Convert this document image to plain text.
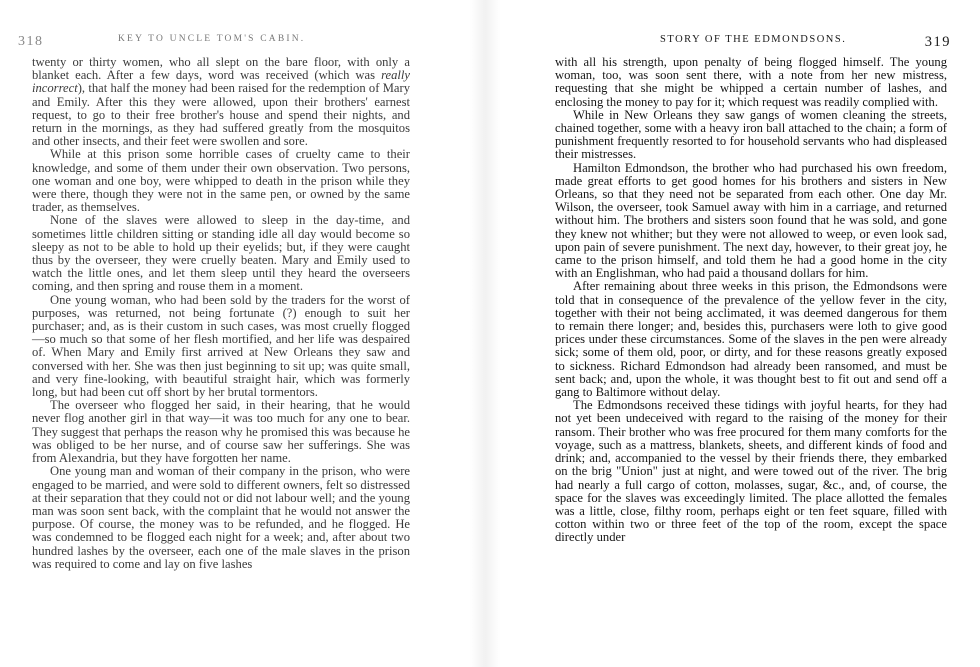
318	KEY TO UNCLE TOM'S CABIN.

twenty or thirty women, who all slept on the bare floor, with only a blanket each. After a few days, word was received (which was really incorrect), that half the money had been raised for the redemption of Mary and Emily. After this they were allowed, upon their brothers' earnest request, to go to their free brother's house and spend their nights, and return in the mornings, as they had suffered greatly from the mosquitos and other insects, and their feet were swollen and sore.

While at this prison some horrible cases of cruelty came to their knowledge, and some of them under their own observation. Two persons, one woman and one boy, were whipped to death in the prison while they were there, though they were not in the same pen, or owned by the same trader, as themselves.

None of the slaves were allowed to sleep in the day-time, and sometimes little children sitting or standing idle all day would become so sleepy as not to be able to hold up their eyelids; but, if they were caught thus by the overseer, they were cruelly beaten. Mary and Emily used to watch the little ones, and let them sleep until they heard the overseers coming, and then spring and rouse them in a moment.

One young woman, who had been sold by the traders for the worst of purposes, was returned, not being fortunate (?) enough to suit her purchaser; and, as is their custom in such cases, was most cruelly flogged—so much so that some of her flesh mortified, and her life was despaired of. When Mary and Emily first arrived at New Orleans they saw and conversed with her. She was then just beginning to sit up; was quite small, and very fine-looking, with beautiful straight hair, which was formerly long, but had been cut off short by her brutal tormentors.

The overseer who flogged her said, in their hearing, that he would never flog another girl in that way—it was too much for any one to bear. They suggest that perhaps the reason why he promised this was because he was obliged to be her nurse, and of course saw her sufferings. She was from Alexandria, but they have forgotten her name.

One young man and woman of their company in the prison, who were engaged to be married, and were sold to different owners, felt so distressed at their separation that they could not or did not labour well; and the young man was soon sent back, with the complaint that he would not answer the purpose. Of course, the money was to be refunded, and he flogged. He was condemned to be flogged each night for a week; and, after about two hundred lashes by the overseer, each one of the male slaves in the prison was required to come and lay on five lashes

STORY OF THE EDMONDSONS.	319

with all his strength, upon penalty of being flogged himself. The young woman, too, was soon sent there, with a note from her new mistress, requesting that she might be whipped a certain number of lashes, and enclosing the money to pay for it; which request was readily complied with.

While in New Orleans they saw gangs of women cleaning the streets, chained together, some with a heavy iron ball attached to the chain; a form of punishment frequently resorted to for household servants who had displeased their mistresses.

Hamilton Edmondson, the brother who had purchased his own freedom, made great efforts to get good homes for his brothers and sisters in New Orleans, so that they need not be separated from each other. One day Mr. Wilson, the overseer, took Samuel away with him in a carriage, and returned without him. The brothers and sisters soon found that he was sold, and gone they knew not whither; but they were not allowed to weep, or even look sad, upon pain of severe punishment. The next day, however, to their great joy, he came to the prison himself, and told them he had a good home in the city with an Englishman, who had paid a thousand dollars for him.

After remaining about three weeks in this prison, the Edmondsons were told that in consequence of the prevalence of the yellow fever in the city, together with their not being acclimated, it was deemed dangerous for them to remain there longer; and, besides this, purchasers were loth to give good prices under these circumstances. Some of the slaves in the pen were already sick; some of them old, poor, or dirty, and for these reasons greatly exposed to sickness. Richard Edmondson had already been ransomed, and must be sent back; and, upon the whole, it was thought best to fit out and send off a gang to Baltimore without delay.

The Edmondsons received these tidings with joyful hearts, for they had not yet been undeceived with regard to the raising of the money for their ransom. Their brother who was free procured for them many comforts for the voyage, such as a mattress, blankets, sheets, and different kinds of food and drink; and, accompanied to the vessel by their friends there, they embarked on the brig "Union" just at night, and were towed out of the river. The brig had nearly a full cargo of cotton, molasses, sugar, &c., and, of course, the space for the slaves was exceedingly limited. The place allotted the females was a little, close, filthy room, perhaps eight or ten feet square, filled with cotton within two or three feet of the top of the room, except the space directly under
